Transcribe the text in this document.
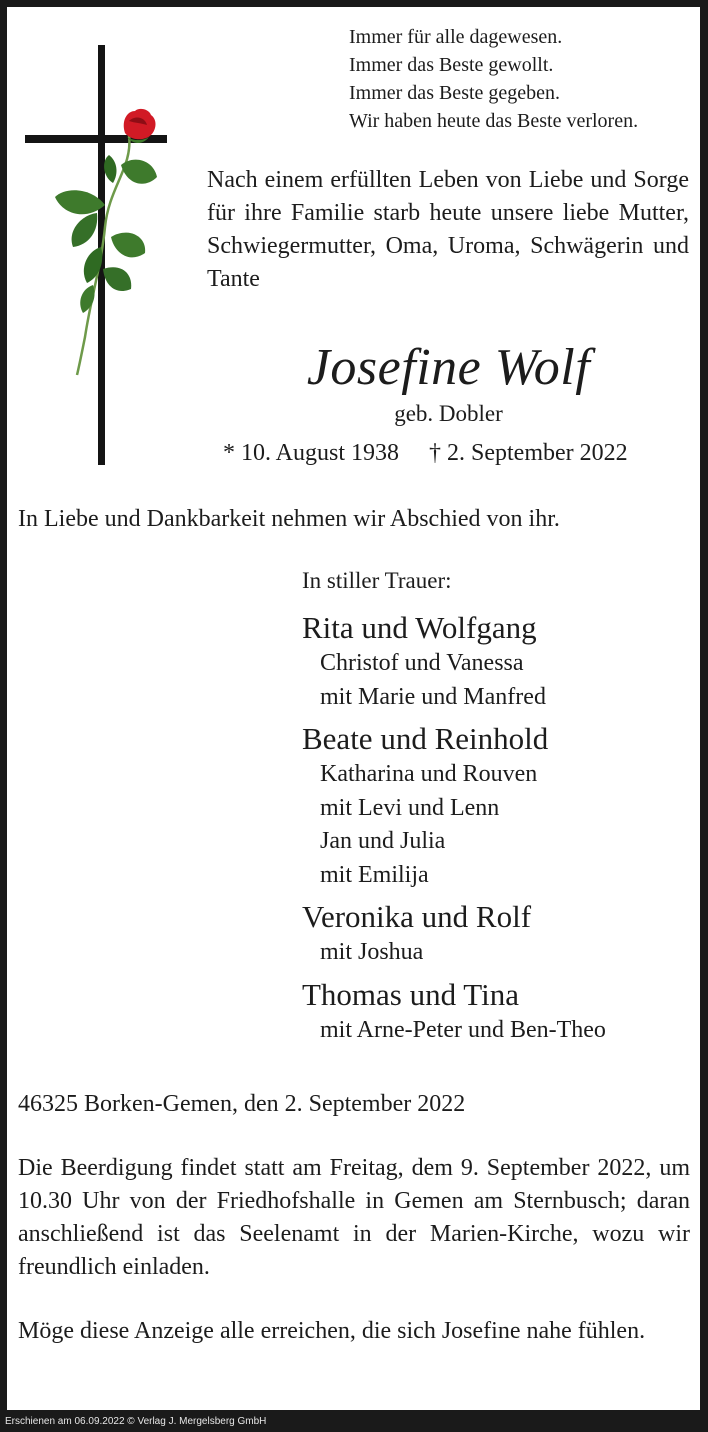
Immer für alle dagewesen.
Immer das Beste gewollt.
Immer das Beste gegeben.
Wir haben heute das Beste verloren.

Nach einem erfüllten Leben von Liebe und Sorge für ihre Familie starb heute unsere liebe Mutter, Schwiegermutter, Oma, Uroma, Schwägerin und Tante

Josefine Wolf
geb. Dobler
* 10. August 1938 † 2. September 2022
In Liebe und Dankbarkeit nehmen wir Abschied von ihr.
In stiller Trauer:
Rita und Wolfgang
Christof und Vanessa
mit Marie und Manfred
Beate und Reinhold
Katharina und Rouven
mit Levi und Lenn
Jan und Julia
mit Emilija
Veronika und Rolf
mit Joshua
Thomas und Tina
mit Arne-Peter und Ben-Theo
46325 Borken-Gemen, den 2. September 2022

Die Beerdigung findet statt am Freitag, dem 9. September 2022, um 10.30 Uhr von der Friedhofshalle in Gemen am Sternbusch; daran anschließend ist das Seelenamt in der Marien-Kirche, wozu wir freundlich einladen.

Möge diese Anzeige alle erreichen, die sich Josefine nahe fühlen.

Erschienen am 06.09.2022 © Verlag J. Mergelsberg GmbH
